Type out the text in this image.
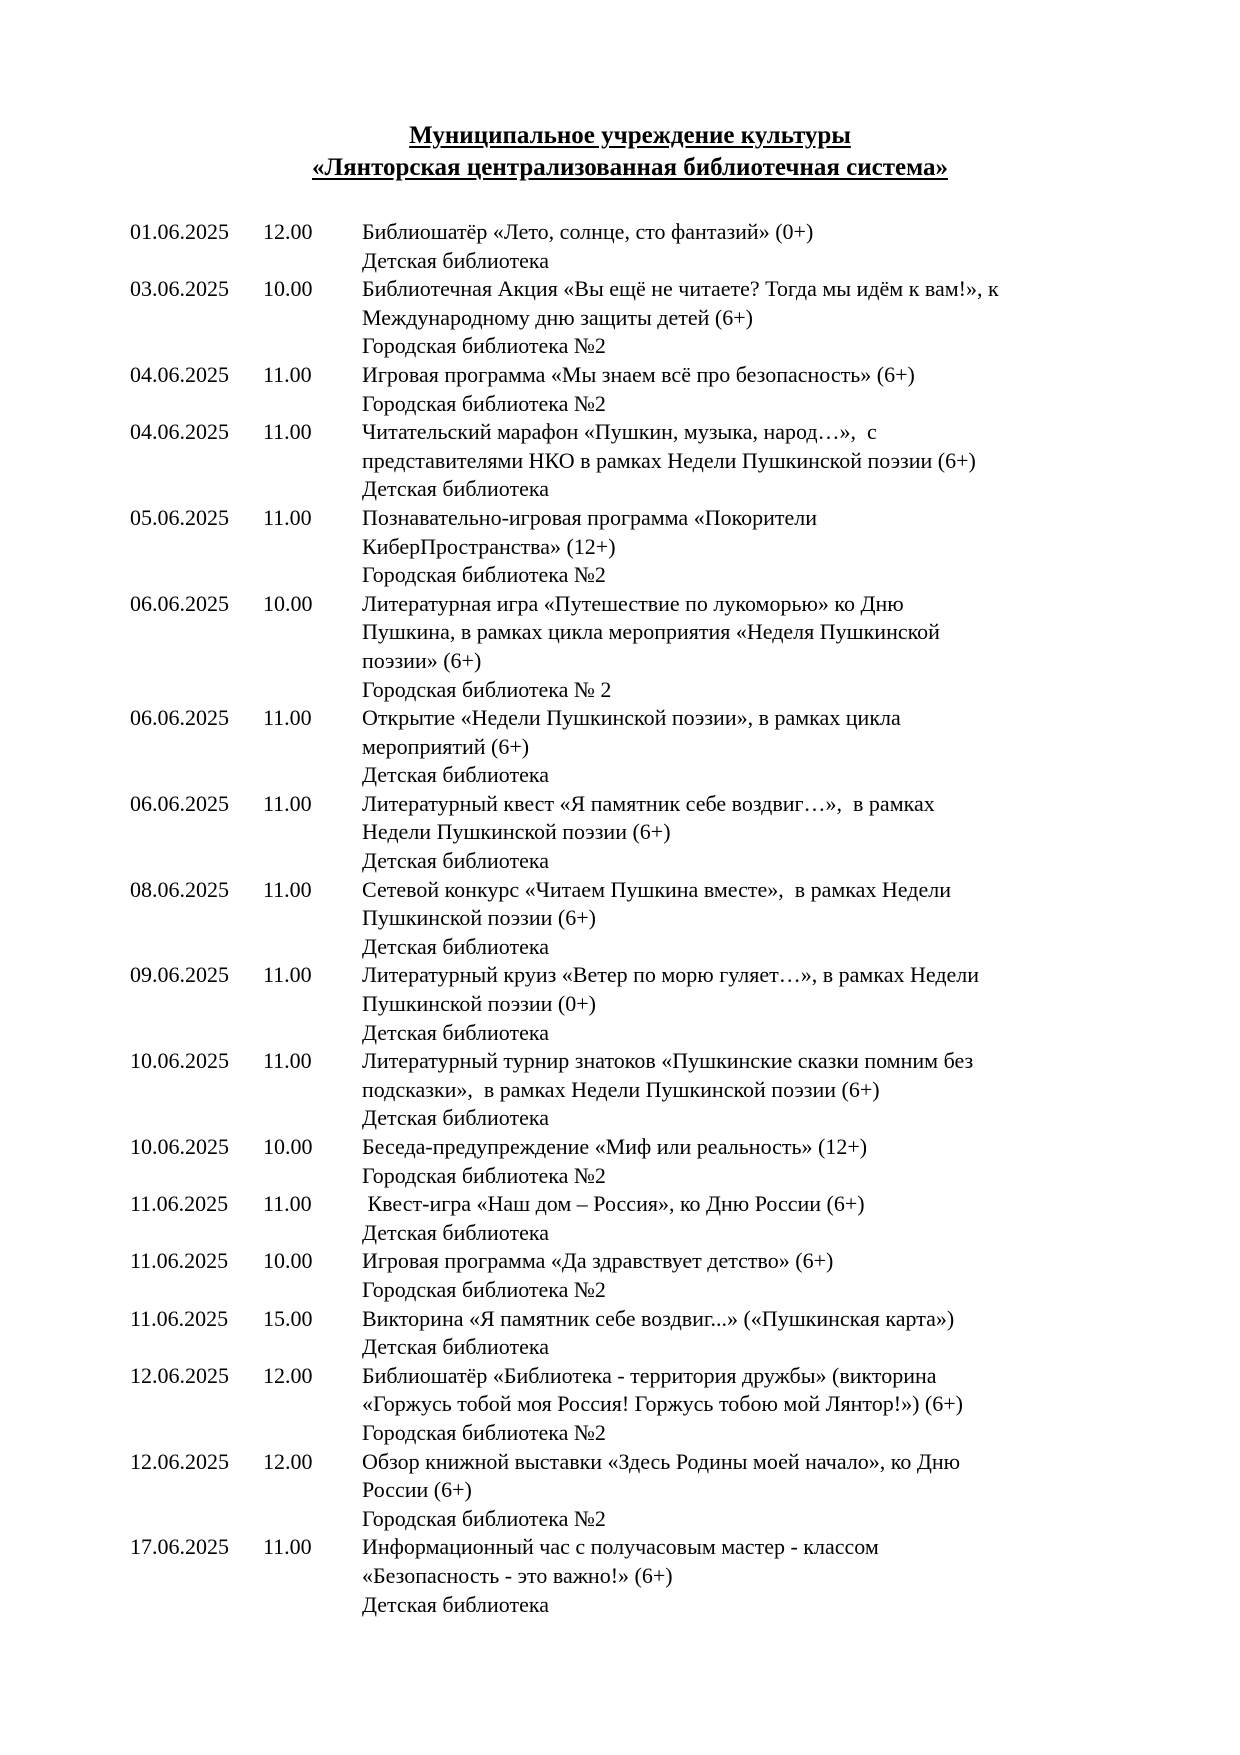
Муниципальное учреждение культуры
«Лянторская централизованная библиотечная система»
01.06.2025	12.00	Библиошатёр «Лето, солнце, сто фантазий» (0+)
Детская библиотека
03.06.2025	10.00	Библиотечная Акция «Вы ещё не читаете? Тогда мы идём к вам!», к
Международному дню защиты детей (6+)
Городская библиотека №2
04.06.2025	11.00	Игровая программа «Мы знаем всё про безопасность» (6+)
Городская библиотека №2
04.06.2025	11.00	Читательский марафон «Пушкин, музыка, народ…»,  с
представителями НКО в рамках Недели Пушкинской поэзии (6+)
Детская библиотека
05.06.2025	11.00	Познавательно-игровая программа «Покорители
КиберПространства» (12+)
Городская библиотека №2
06.06.2025	10.00	Литературная игра «Путешествие по лукоморью» ко Дню
Пушкина, в рамках цикла мероприятия «Неделя Пушкинской
поэзии» (6+)
Городская библиотека № 2
06.06.2025	11.00	Открытие «Недели Пушкинской поэзии», в рамках цикла
мероприятий (6+)
Детская библиотека
06.06.2025	11.00	Литературный квест «Я памятник себе воздвиг…»,  в рамках
Недели Пушкинской поэзии (6+)
Детская библиотека
08.06.2025	11.00	Сетевой конкурс «Читаем Пушкина вместе»,  в рамках Недели
Пушкинской поэзии (6+)
Детская библиотека
09.06.2025	11.00	Литературный круиз «Ветер по морю гуляет…», в рамках Недели
Пушкинской поэзии (0+)
Детская библиотека
10.06.2025	11.00	Литературный турнир знатоков «Пушкинские сказки помним без
подсказки»,  в рамках Недели Пушкинской поэзии (6+)
Детская библиотека
10.06.2025	10.00	Беседа-предупреждение «Миф или реальность» (12+)
Городская библиотека №2
11.06.2025	11.00	Квест-игра «Наш дом – Россия», ко Дню России (6+)
Детская библиотека
11.06.2025	10.00	Игровая программа «Да здравствует детство» (6+)
Городская библиотека №2
11.06.2025	15.00	Викторина «Я памятник себе воздвиг...» («Пушкинская карта»)
Детская библиотека
12.06.2025	12.00	Библиошатёр «Библиотека - территория дружбы» (викторина
«Горжусь тобой моя Россия! Горжусь тобою мой Лянтор!») (6+)
Городская библиотека №2
12.06.2025	12.00	Обзор книжной выставки «Здесь Родины моей начало», ко Дню
России (6+)
Городская библиотека №2
17.06.2025	11.00	Информационный час с получасовым мастер - классом
«Безопасность - это важно!» (6+)
Детская библиотека
